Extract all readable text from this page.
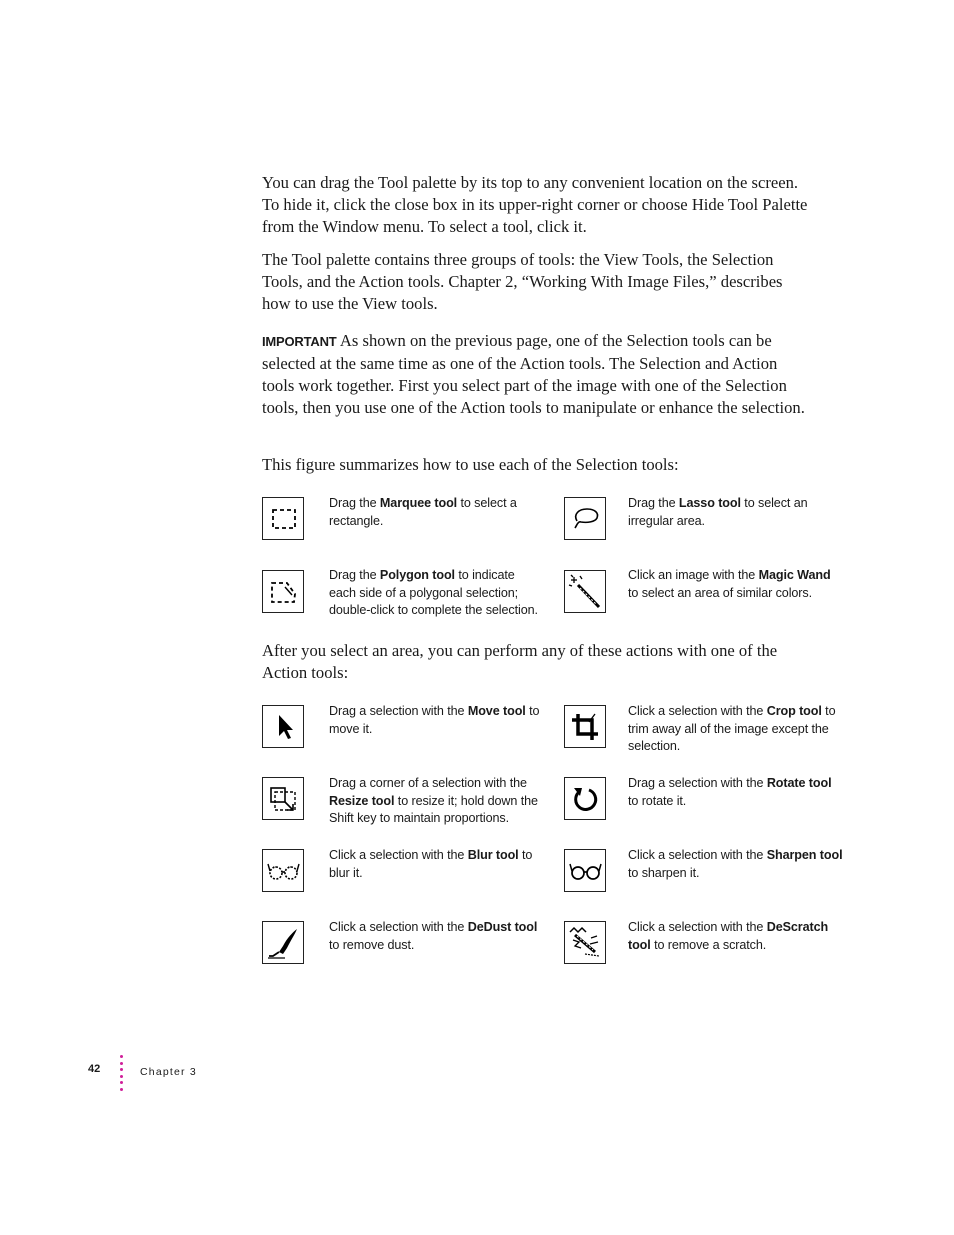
You can drag the Tool palette by its top to any convenient location on the screen. To hide it, click the close box in its upper-right corner or choose Hide Tool Palette from the Window menu. To select a tool, click it.
The Tool palette contains three groups of tools: the View Tools, the Selection Tools, and the Action tools. Chapter 2, “Working With Image Files,” describes how to use the View tools.
IMPORTANT As shown on the previous page, one of the Selection tools can be selected at the same time as one of the Action tools. The Selection and Action tools work together. First you select part of the image with one of the Selection tools, then you use one of the Action tools to manipulate or enhance the selection.
This figure summarizes how to use each of the Selection tools:
Drag the Marquee tool to select a rectangle.
Drag the Lasso tool to select an irregular area.
Drag the Polygon tool to indicate each side of a polygonal selection; double-click to complete the selection.
Click an image with the Magic Wand to select an area of similar colors.
After you select an area, you can perform any of these actions with one of the Action tools:
Drag a selection with the Move tool to move it.
Click a selection with the Crop tool to trim away all of the image except the selection.
Drag a corner of a selection with the Resize tool to resize it; hold down the Shift key to maintain proportions.
Drag a selection with the Rotate tool to rotate it.
Click a selection with the Blur tool to blur it.
Click a selection with the Sharpen tool to sharpen it.
Click a selection with the DeDust tool to remove dust.
Click a selection with the DeScratch tool to remove a scratch.
42	Chapter 3
